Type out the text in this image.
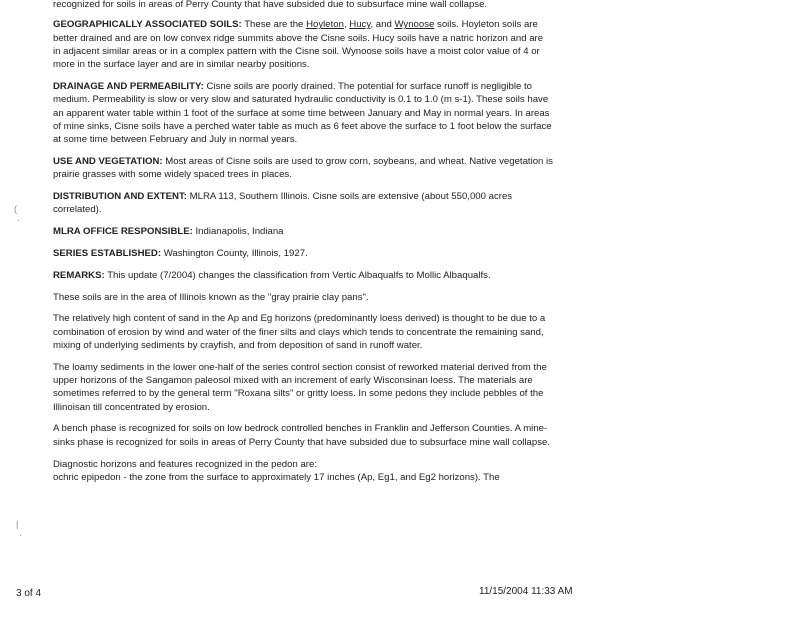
recognized for soils in areas of Perry County that have subsided due to subsurface mine wall collapse.

GEOGRAPHICALLY ASSOCIATED SOILS: These are the Hoyleton, Hucy, and Wynoose soils. Hoyleton soils are better drained and are on low convex ridge summits above the Cisne soils. Hucy soils have a natric horizon and are in adjacent similar areas or in a complex pattern with the Cisne soil. Wynoose soils have a moist color value of 4 or more in the surface layer and are in similar nearby positions.

DRAINAGE AND PERMEABILITY: Cisne soils are poorly drained. The potential for surface runoff is negligible to medium. Permeability is slow or very slow and saturated hydraulic conductivity is 0.1 to 1.0 (m s-1). These soils have an apparent water table within 1 foot of the surface at some time between January and May in normal years. In areas of mine sinks, Cisne soils have a perched water table as much as 6 feet above the surface to 1 foot below the surface at some time between February and July in normal years.

USE AND VEGETATION: Most areas of Cisne soils are used to grow corn, soybeans, and wheat. Native vegetation is prairie grasses with some widely spaced trees in places.

DISTRIBUTION AND EXTENT: MLRA 113, Southern Illinois. Cisne soils are extensive (about 550,000 acres correlated).

MLRA OFFICE RESPONSIBLE: Indianapolis, Indiana

SERIES ESTABLISHED: Washington County, Illinois, 1927.

REMARKS: This update (7/2004) changes the classification from Vertic Albaqualfs to Mollic Albaqualfs.

These soils are in the area of Illinois known as the "gray prairie clay pans".

The relatively high content of sand in the Ap and Eg horizons (predominantly loess derived) is thought to be due to a combination of erosion by wind and water of the finer silts and clays which tends to concentrate the remaining sand, mixing of underlying sediments by crayfish, and from deposition of sand in runoff water.

The loamy sediments in the lower one-half of the series control section consist of reworked material derived from the upper horizons of the Sangamon paleosol mixed with an increment of early Wisconsinan loess. The materials are sometimes referred to by the general term "Roxana silts" or gritty loess. In some pedons they include pebbles of the Illinoisan till concentrated by erosion.

A bench phase is recognized for soils on low bedrock controlled benches in Franklin and Jefferson Counties. A mine-sinks phase is recognized for soils in areas of Perry County that have subsided due to subsurface mine wall collapse.

Diagnostic horizons and features recognized in the pedon are:

ochric epipedon - the zone from the surface to approximately 17 inches (Ap, Eg1, and Eg2 horizons). The

(
·
|
·
3 of 4	11/15/2004 11:33 AM
